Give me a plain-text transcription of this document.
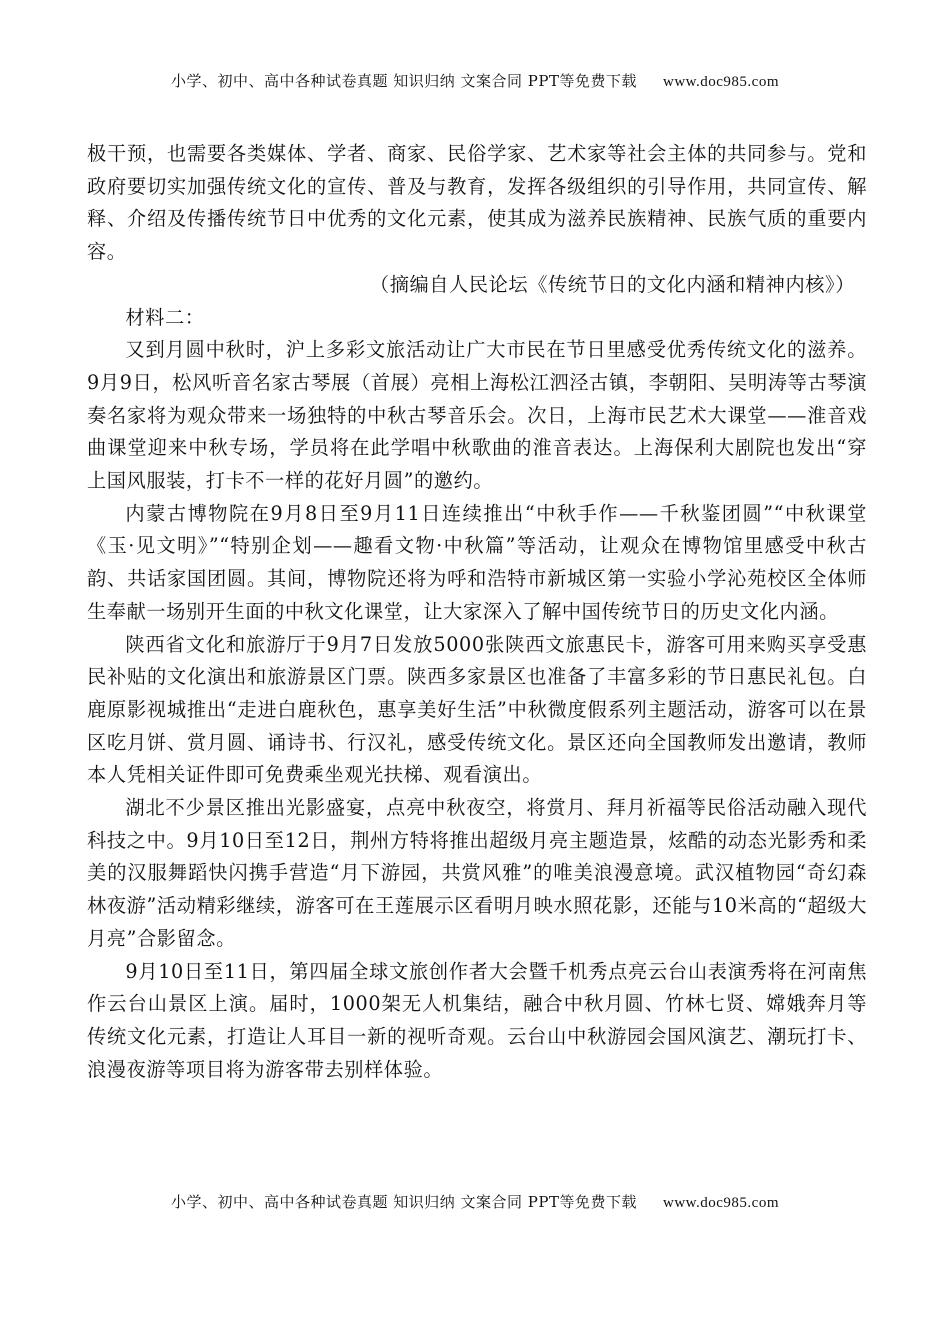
小学、初中、高中各种试卷真题 知识归纳 文案合同 PPT等免费下载 www.doc985.com

极干预，也需要各类媒体、学者、商家、民俗学家、艺术家等社会主体的共同参与。党和政府要切实加强传统文化的宣传、普及与教育，发挥各级组织的引导作用，共同宣传、解释、介绍及传播传统节日中优秀的文化元素，使其成为滋养民族精神、民族气质的重要内容。

（摘编自人民论坛《传统节日的文化内涵和精神内核》）

材料二：

又到月圆中秋时，沪上多彩文旅活动让广大市民在节日里感受优秀传统文化的滋养。9月9日，松风听音名家古琴展（首展）亮相上海松江泗泾古镇，李朝阳、吴明涛等古琴演奏名家将为观众带来一场独特的中秋古琴音乐会。次日，上海市民艺术大课堂——淮音戏曲课堂迎来中秋专场，学员将在此学唱中秋歌曲的淮音表达。上海保利大剧院也发出“穿上国风服装，打卡不一样的花好月圆”的邀约。

内蒙古博物院在9月8日至9月11日连续推出“中秋手作——千秋鉴团圆”“中秋课堂《玉·见文明》”“特别企划——趣看文物·中秋篇”等活动，让观众在博物馆里感受中秋古韵、共话家国团圆。其间，博物院还将为呼和浩特市新城区第一实验小学沁苑校区全体师生奉献一场别开生面的中秋文化课堂，让大家深入了解中国传统节日的历史文化内涵。

陕西省文化和旅游厅于9月7日发放5000张陕西文旅惠民卡，游客可用来购买享受惠民补贴的文化演出和旅游景区门票。陕西多家景区也准备了丰富多彩的节日惠民礼包。白鹿原影视城推出“走进白鹿秋色，惠享美好生活”中秋微度假系列主题活动，游客可以在景区吃月饼、赏月圆、诵诗书、行汉礼，感受传统文化。景区还向全国教师发出邀请，教师本人凭相关证件即可免费乘坐观光扶梯、观看演出。

湖北不少景区推出光影盛宴，点亮中秋夜空，将赏月、拜月祈福等民俗活动融入现代科技之中。9月10日至12日，荆州方特将推出超级月亮主题造景，炫酷的动态光影秀和柔美的汉服舞蹈快闪携手营造“月下游园，共赏风雅”的唯美浪漫意境。武汉植物园“奇幻森林夜游”活动精彩继续，游客可在王莲展示区看明月映水照花影，还能与10米高的“超级大月亮”合影留念。

9月10日至11日，第四届全球文旅创作者大会暨千机秀点亮云台山表演秀将在河南焦作云台山景区上演。届时，1000架无人机集结，融合中秋月圆、竹林七贤、嫦娥奔月等传统文化元素，打造让人耳目一新的视听奇观。云台山中秋游园会国风演艺、潮玩打卡、浪漫夜游等项目将为游客带去别样体验。

小学、初中、高中各种试卷真题 知识归纳 文案合同 PPT等免费下载 www.doc985.com
